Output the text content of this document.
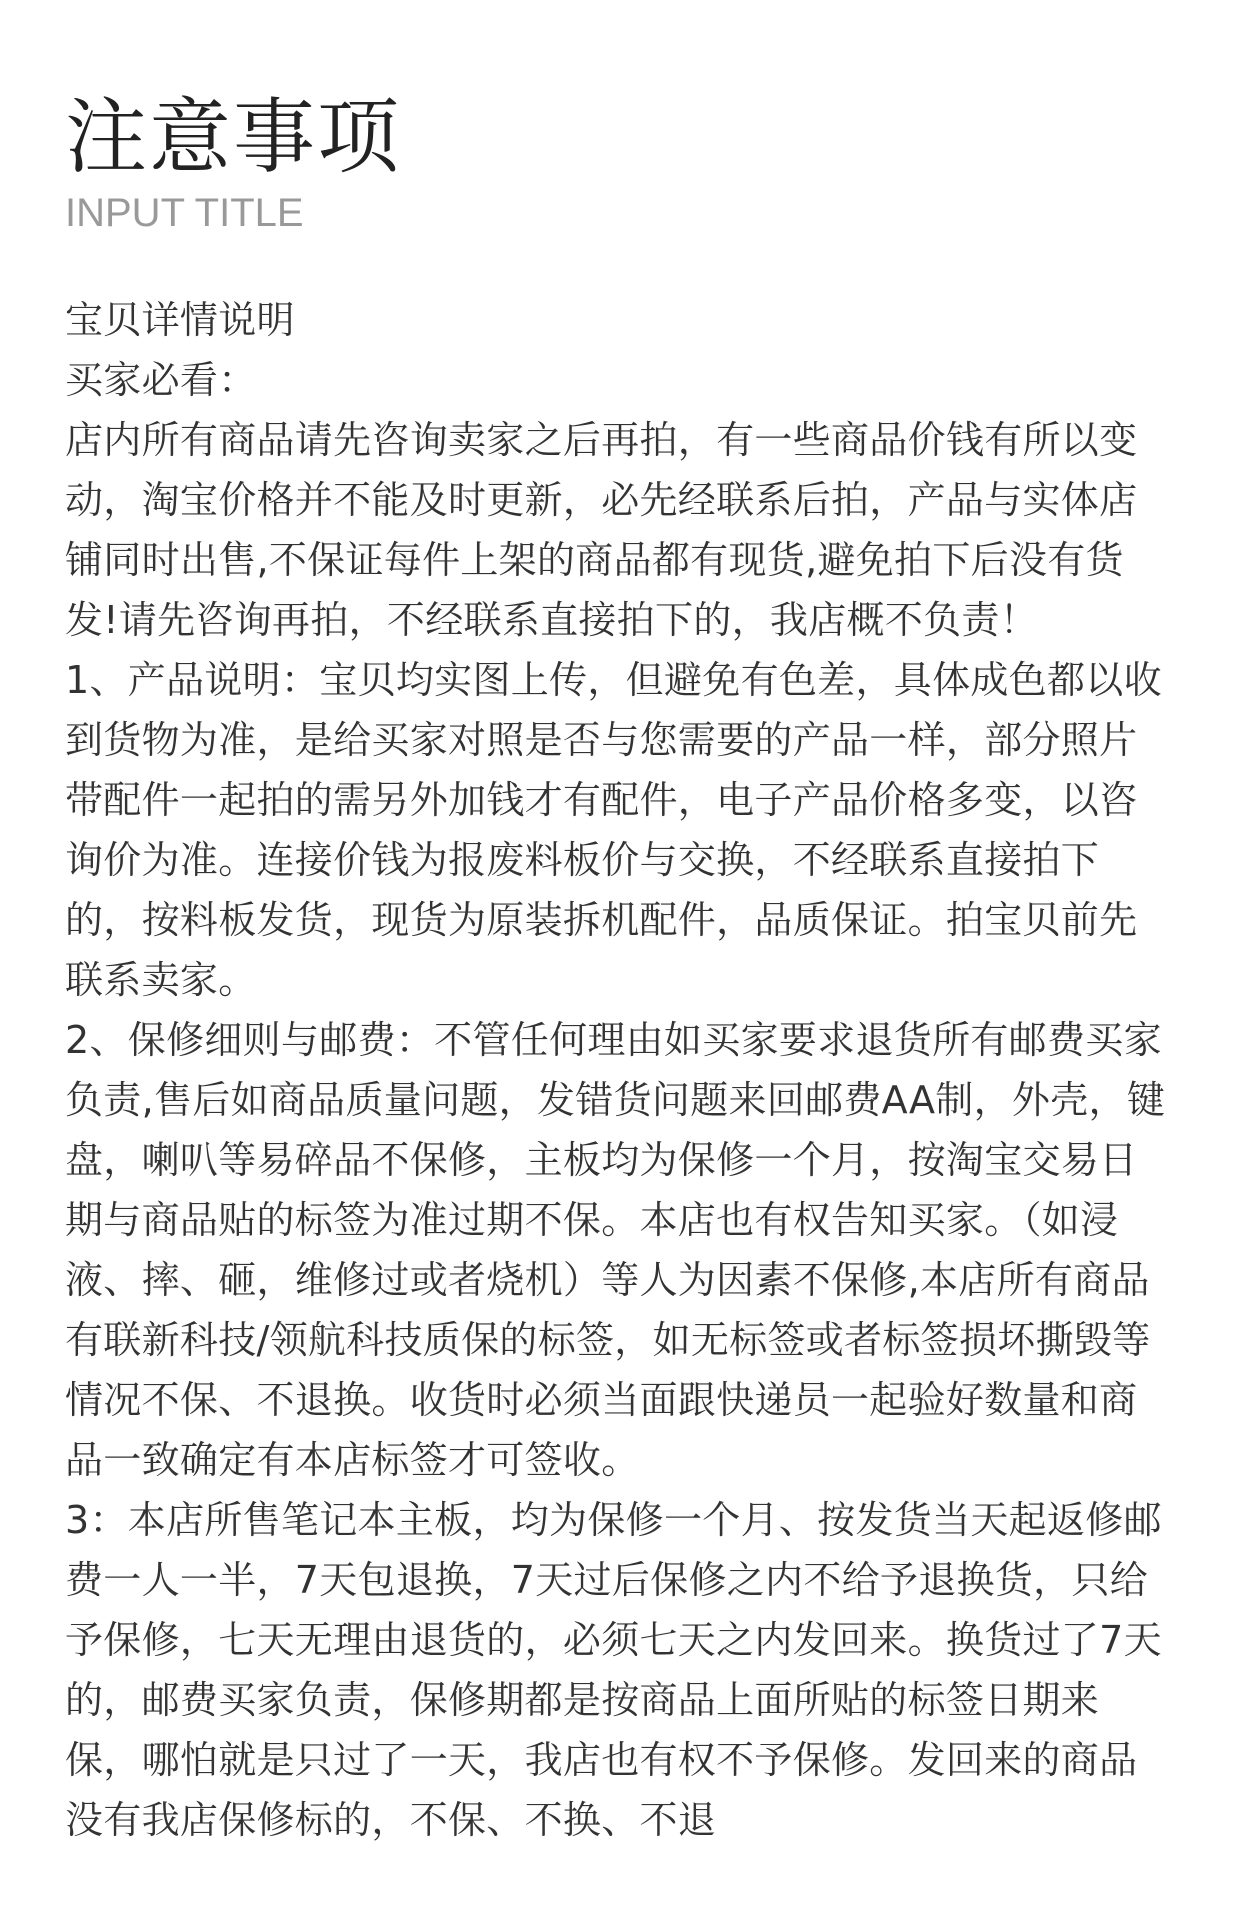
注意事项
INPUT TITLE

宝贝详情说明

买家必看：

店内所有商品请先咨询卖家之后再拍，有一些商品价钱有所以变动，淘宝价格并不能及时更新，必先经联系后拍，产品与实体店铺同时出售,不保证每件上架的商品都有现货,避免拍下后没有货发!请先咨询再拍，不经联系直接拍下的，我店概不负责！

1、产品说明：宝贝均实图上传，但避免有色差，具体成色都以收到货物为准，是给买家对照是否与您需要的产品一样，部分照片带配件一起拍的需另外加钱才有配件，电子产品价格多变，以咨询价为准。连接价钱为报废料板价与交换，不经联系直接拍下的，按料板发货，现货为原装拆机配件，品质保证。拍宝贝前先联系卖家。

2、保修细则与邮费：不管任何理由如买家要求退货所有邮费买家负责,售后如商品质量问题，发错货问题来回邮费AA制，外壳，键盘，喇叭等易碎品不保修，主板均为保修一个月，按淘宝交易日期与商品贴的标签为准过期不保。本店也有权告知买家。（如浸液、摔、砸，维修过或者烧机）等人为因素不保修,本店所有商品有联新科技/领航科技质保的标签，如无标签或者标签损坏撕毁等情况不保、不退换。收货时必须当面跟快递员一起验好数量和商品一致确定有本店标签才可签收。

3：本店所售笔记本主板，均为保修一个月、按发货当天起返修邮费一人一半，7天包退换，7天过后保修之内不给予退换货，只给予保修，七天无理由退货的，必须七天之内发回来。换货过了7天的，邮费买家负责，保修期都是按商品上面所贴的标签日期来保，哪怕就是只过了一天，我店也有权不予保修。发回来的商品没有我店保修标的，不保、不换、不退
